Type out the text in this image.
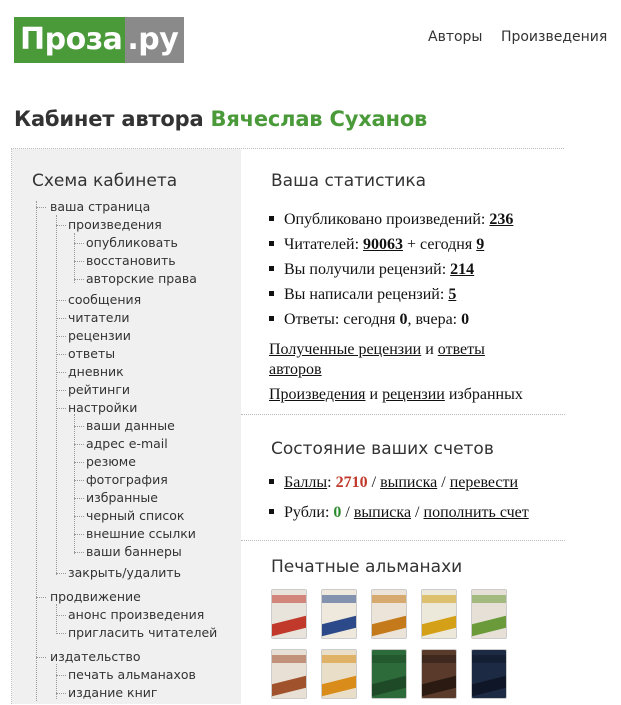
Проза .ру	Авторы Произведения
Кабинет автора Вячеслав Суханов
Схема кабинета
ваша страница
произведения
опубликовать
восстановить
авторские права
сообщения
читатели
рецензии
ответы
дневник
рейтинги
настройки
ваши данные
адрес e-mail
резюме
фотография
избранные
черный список
внешние ссылки
ваши баннеры
закрыть/удалить
продвижение
анонс произведения
пригласить читателей
издательство
печать альманахов
издание книг
Ваша статистика
Опубликовано произведений: 236
Читателей: 90063 + сегодня 9
Вы получили рецензий: 214
Вы написали рецензий: 5
Ответы: сегодня 0, вчера: 0
Полученные рецензии и ответы
авторов
Произведения и рецензии избранных
Состояние ваших счетов
Баллы: 2710 / выписка / перевести
Рубли: 0 / выписка / пополнить счет
Печатные альманахи
